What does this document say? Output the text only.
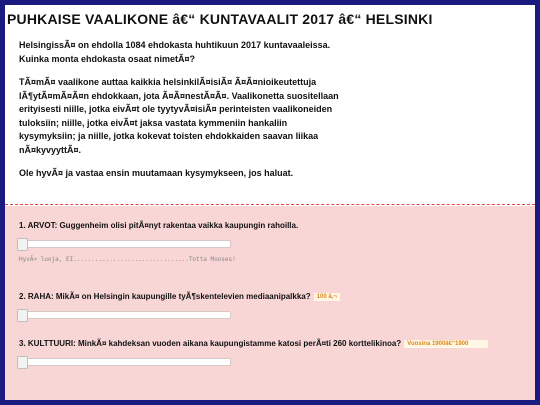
PUHKAISE VAALIKONE â€“ KUNTAVAALIT 2017 â€“ HELSINKI

HelsingissÃ¤ on ehdolla 1084 ehdokasta huhtikuun 2017 kuntavaaleissa.
Kuinka monta ehdokasta osaat nimetÃ¤?

TÃ¤mÃ¤ vaalikone auttaa kaikkia helsinkilÃ¤isiÃ¤ Ã¤Ã¤nioikeutettuja
lÃ¶ytÃ¤mÃ¤Ã¤n ehdokkaan, jota Ã¤Ã¤nestÃ¤Ã¤. Vaalikonetta suositellaan
erityisesti niille, jotka eivÃ¤t ole tyytyvÃ¤isiÃ¤ perinteisten vaalikoneiden
tuloksiin; niille, jotka eivÃ¤t jaksa vastata kymmeniin hankaliin
kysymyksiin; ja niille, jotka kokevat toisten ehdokkaiden saavan liikaa
nÃ¤kyvyyttÃ¤.

Ole hyvÃ¤ ja vastaa ensin muutamaan kysymykseen, jos haluat.

1. ARVOT: Guggenheim olisi pitÃ¤nyt rakentaa vaikka kaupungin rahoilla.
HyvÃ¤ luoja, EI................................Totta Mooses!
2. RAHA: MikÃ¤ on Helsingin kaupungille tyÃ¶skentelevien mediaanipalkka? 100 â‚¬
3. KULTTUURI: MinkÃ¤ kahdeksan vuoden aikana kaupungistamme katosi perÃ¤ti 260 korttelikinoa? Vuosina 1900â€“1900
